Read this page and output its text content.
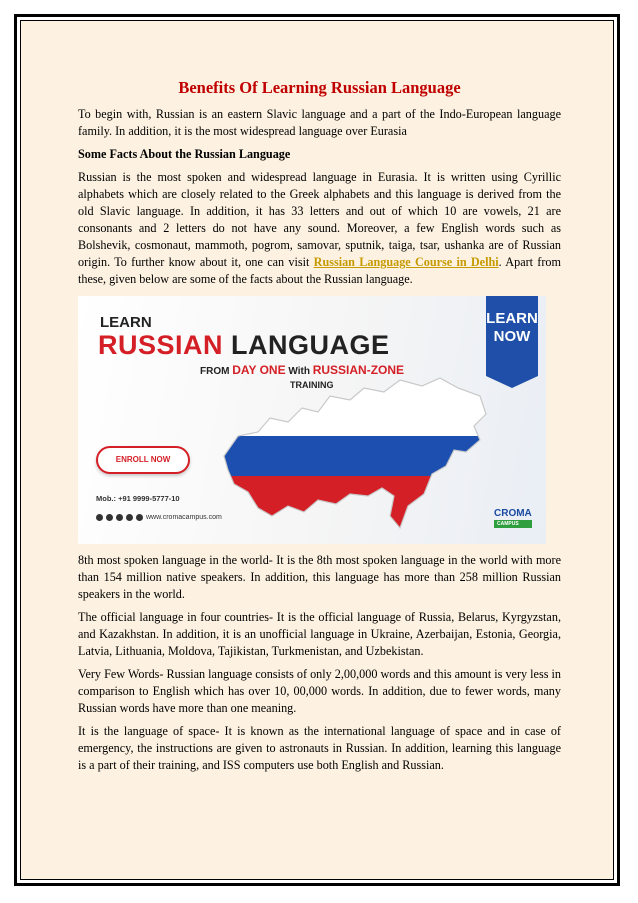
Benefits Of Learning Russian Language

To begin with, Russian is an eastern Slavic language and a part of the Indo-European language family. In addition, it is the most widespread language over Eurasia

Some Facts About the Russian Language

Russian is the most spoken and widespread language in Eurasia. It is written using Cyrillic alphabets which are closely related to the Greek alphabets and this language is derived from the old Slavic language. In addition, it has 33 letters and out of which 10 are vowels, 21 are consonants and 2 letters do not have any sound. Moreover, a few English words such as Bolshevik, cosmonaut, mammoth, pogrom, samovar, sputnik, taiga, tsar, ushanka are of Russian origin. To further know about it, one can visit Russian Language Course in Delhi. Apart from these, given below are some of the facts about the Russian language.

LEARN
RUSSIAN LANGUAGE
FROM DAY ONE With RUSSIAN-ZONE
TRAINING
LEARN
NOW
ENROLL NOW
Mob.: +91 9999-5777-10
www.cromacampus.com	CROMA
CAMPUS

8th most spoken language in the world- It is the 8th most spoken language in the world with more than 154 million native speakers. In addition, this language has more than 258 million Russian speakers in the world.

The official language in four countries- It is the official language of Russia, Belarus, Kyrgyzstan, and Kazakhstan. In addition, it is an unofficial language in Ukraine, Azerbaijan, Estonia, Georgia, Latvia, Lithuania, Moldova, Tajikistan, Turkmenistan, and Uzbekistan.

Very Few Words- Russian language consists of only 2,00,000 words and this amount is very less in comparison to English which has over 10, 00,000 words. In addition, due to fewer words, many Russian words have more than one meaning.

It is the language of space- It is known as the international language of space and in case of emergency, the instructions are given to astronauts in Russian. In addition, learning this language is a part of their training, and ISS computers use both English and Russian.
